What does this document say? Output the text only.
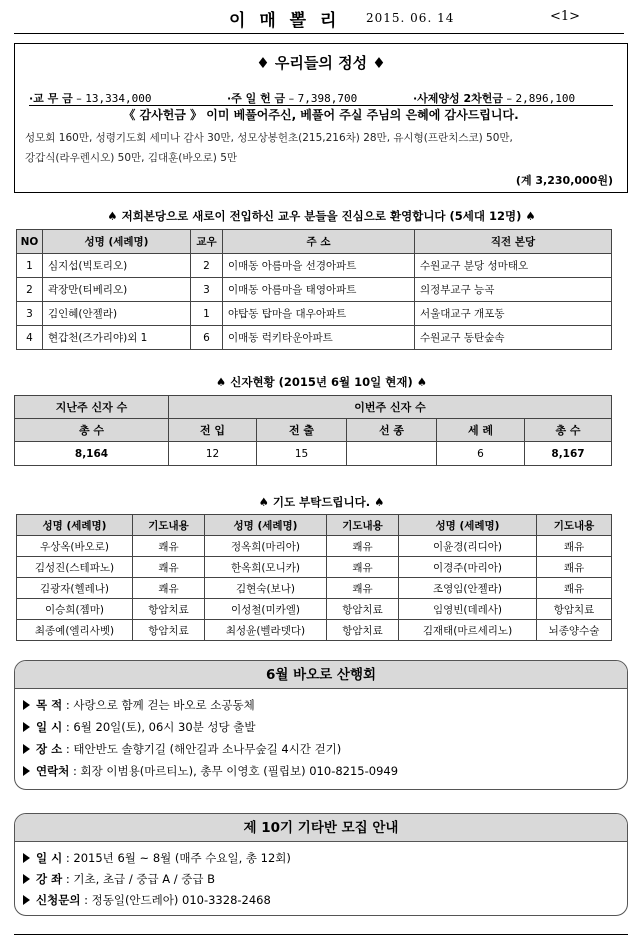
이 매 뽈 리 2015. 06. 14	<1>
♦ 우리들의 정성 ♦
·교 무 금 – 13,334,000	·주 일 헌 금 – 7,398,700	·사제양성 2차헌금 – 2,896,100
《 감사헌금 》 이미 베풀어주신, 베풀어 주실 주님의 은혜에 감사드립니다.
성모회 160만, 성령기도회 세미나 감사 30만, 성모상봉헌초(215,216차) 28만, 유시형(프란치스코) 50만,
강갑식(라우렌시오) 50만, 김대훈(바오로) 5만
(계 3,230,000원)
♠ 저희본당으로 새로이 전입하신 교우 분들을 진심으로 환영합니다 (5세대 12명) ♠
NO	성명 (세례명)	교우	주 소	직전 본당
1	심지섭(빅토리오)	2	이매동 아름마을 선경아파트	수원교구 분당 성마태오
2	곽장만(티베리오)	3	이매동 아름마을 태영아파트	의정부교구 능곡
3	김인혜(안젤라)	1	야탑동 탑마을 대우아파트	서울대교구 개포동
4	현갑천(즈가리야)외 1	6	이매동 럭키타운아파트	수원교구 동탄숲속
♠ 신자현황 (2015년 6월 10일 현재) ♠
지난주 신자 수	이번주 신자 수				
총 수	전 입	전 출	선 종	세 례	총 수
8,164	12	15		6	8,167
♠ 기도 부탁드립니다. ♠
성명 (세례명)	기도내용	성명 (세례명)	기도내용	성명 (세례명)	기도내용
우상옥(바오로)	쾌유	정옥희(마리아)	쾌유	이윤경(리디아)	쾌유
김성진(스테파노)	쾌유	한옥희(모니카)	쾌유	이경주(마리아)	쾌유
김광자(헬레나)	쾌유	김현숙(보나)	쾌유	조영임(안젤라)	쾌유
이승희(젬마)	항암치료	이성철(미카엘)	항암치료	임영빈(데레사)	항암치료
최종예(엘리사벳)	항암치료	최성윤(벨라뎃다)	항암치료	김재태(마르세리노)	뇌종양수술
6월 바오로 산행회
목 적 : 사랑으로 함께 걷는 바오로 소공동체
일 시 : 6월 20일(토), 06시 30분 성당 출발
장 소 : 태안반도 솔향기길 (해안길과 소나무숲길 4시간 걷기)
연락처 : 회장 이범용(마르티노), 총무 이영호 (필립보) 010-8215-0949
제 10기 기타반 모집 안내
일 시 : 2015년 6월 ~ 8월 (매주 수요일, 총 12회)
강 좌 : 기초, 초급 / 중급 A / 중급 B
신청문의 : 정동일(안드레아) 010-3328-2468
